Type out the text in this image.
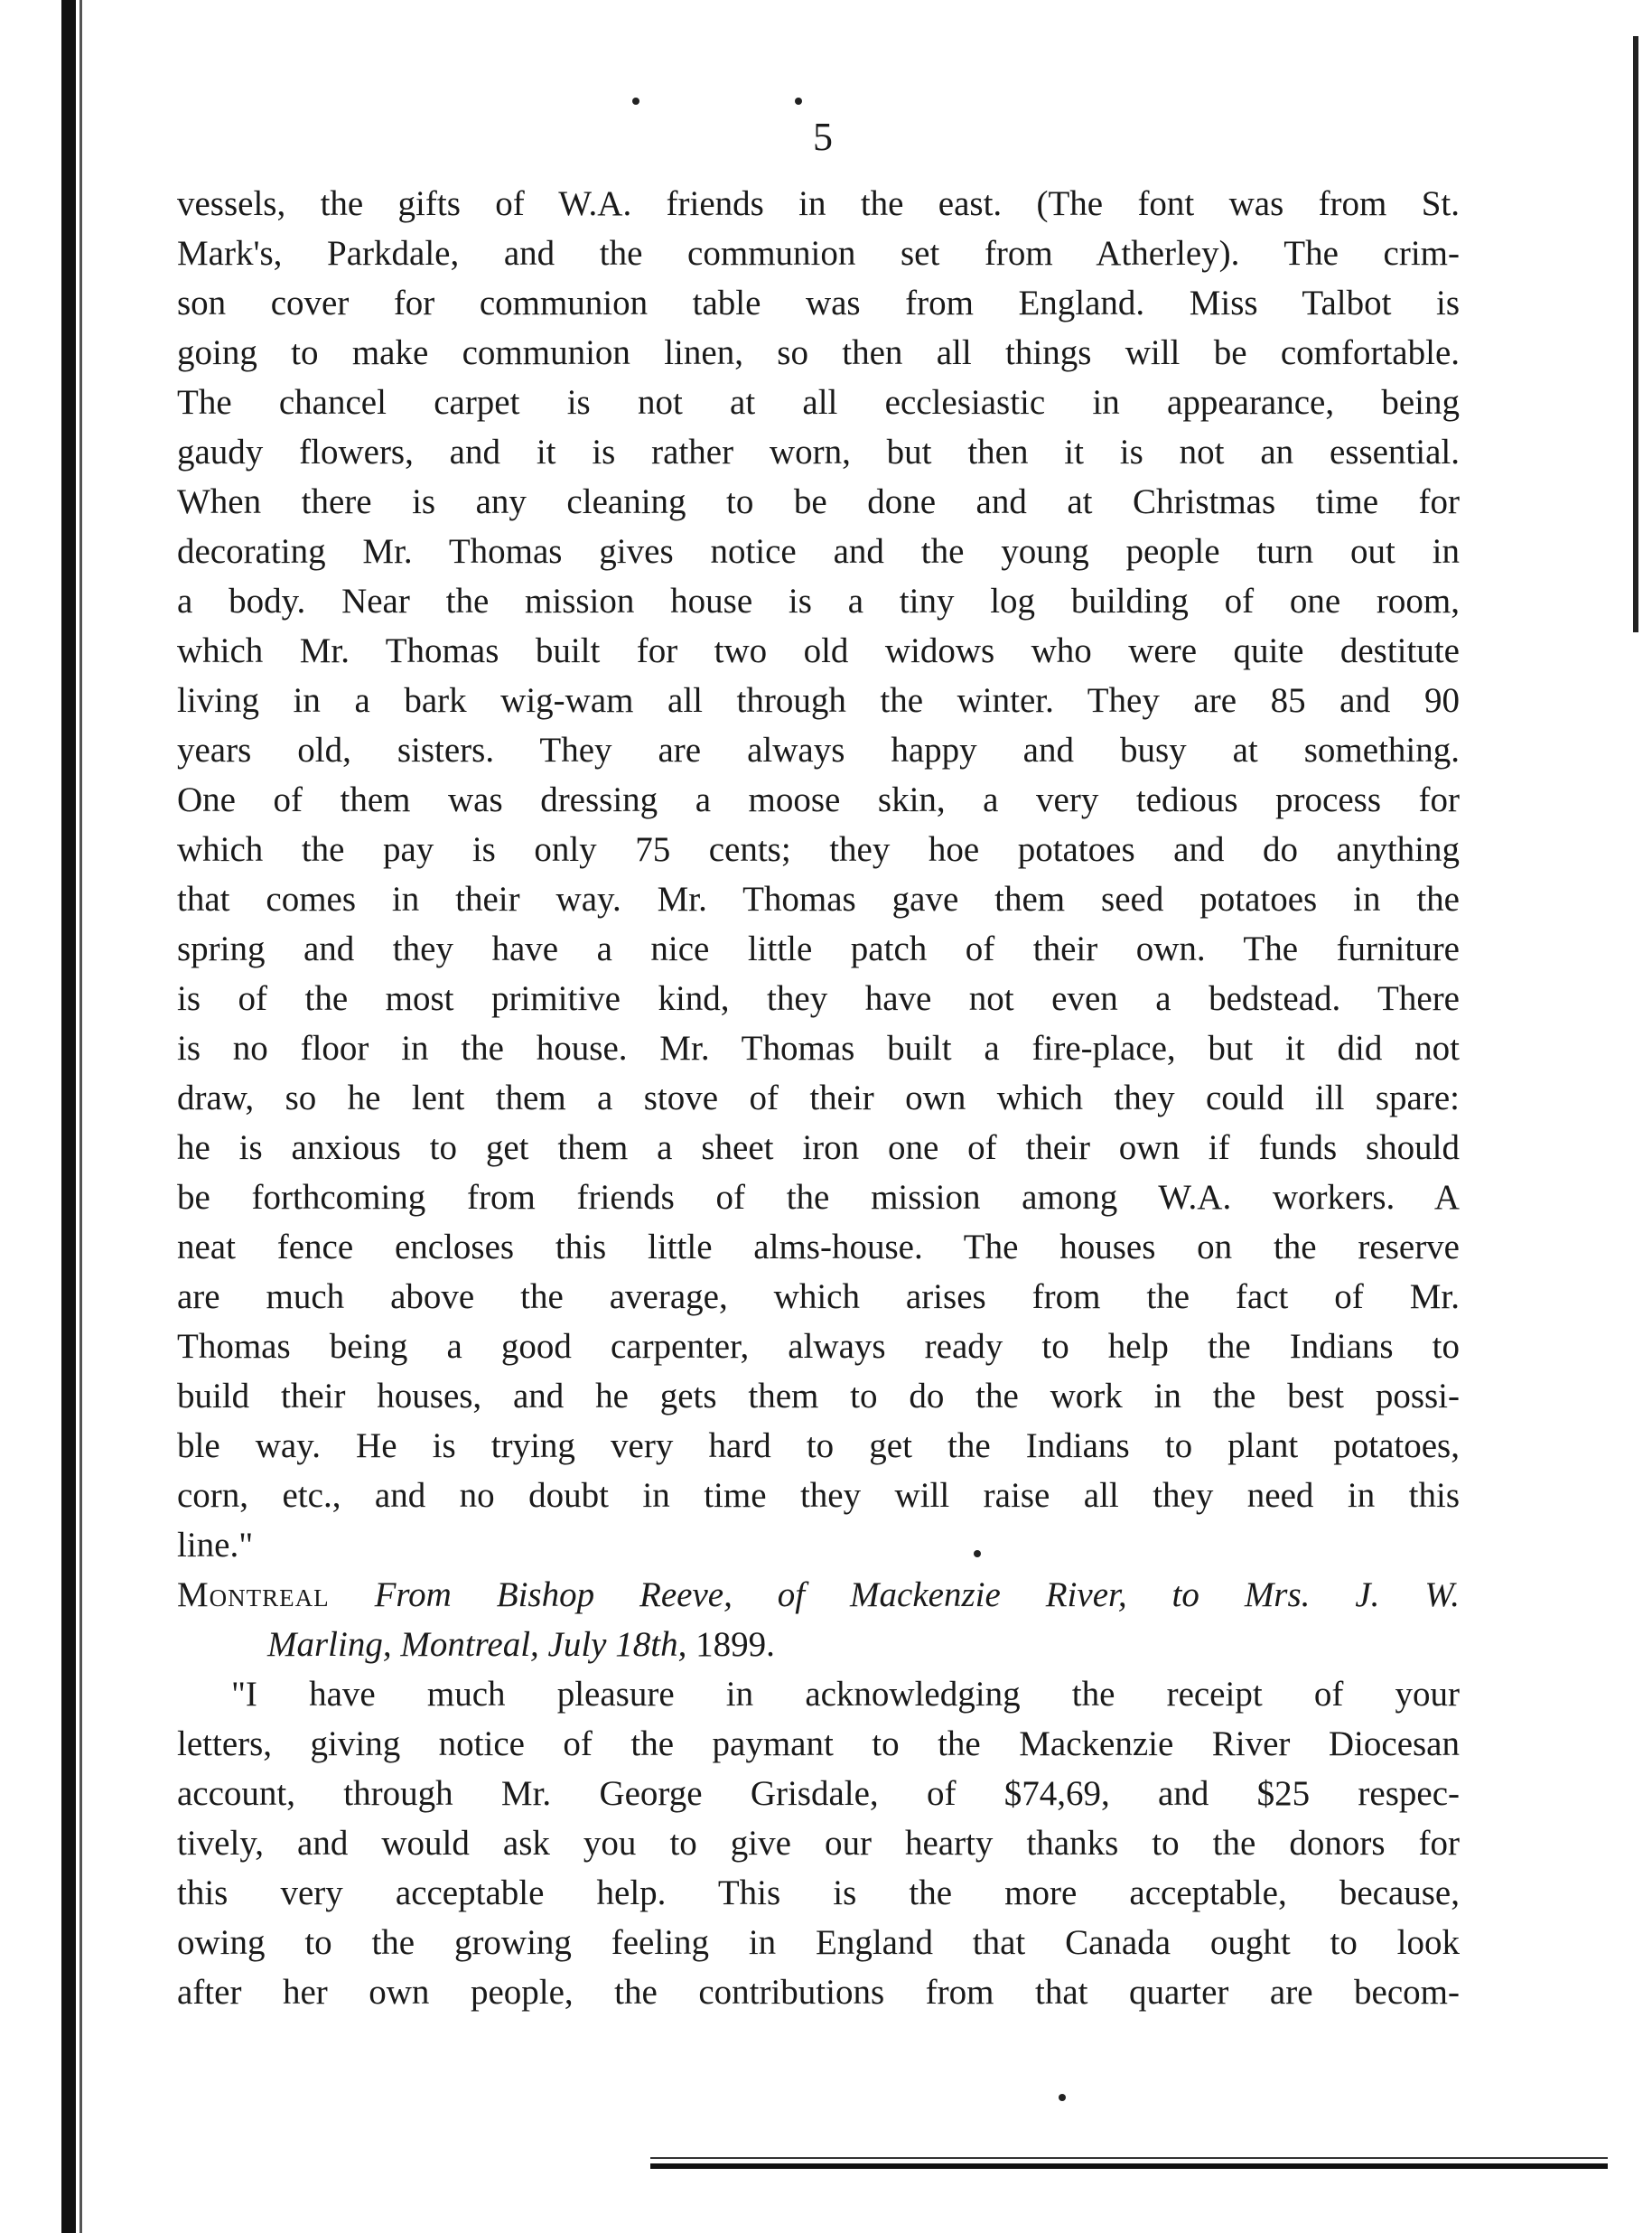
5
vessels, the gifts of W.A. friends in the east. (The font was from St.
Mark's, Parkdale, and the communion set from Atherley). The crim-
son cover for communion table was from England. Miss Talbot is
going to make communion linen, so then all things will be comfortable.
The chancel carpet is not at all ecclesiastic in appearance, being
gaudy flowers, and it is rather worn, but then it is not an essential.
When there is any cleaning to be done and at Christmas time for
decorating Mr. Thomas gives notice and the young people turn out in
a body. Near the mission house is a tiny log building of one room,
which Mr. Thomas built for two old widows who were quite destitute
living in a bark wig-wam all through the winter. They are 85 and 90
years old, sisters. They are always happy and busy at something.
One of them was dressing a moose skin, a very tedious process for
which the pay is only 75 cents; they hoe potatoes and do anything
that comes in their way. Mr. Thomas gave them seed potatoes in the
spring and they have a nice little patch of their own. The furniture
is of the most primitive kind, they have not even a bedstead. There
is no floor in the house. Mr. Thomas built a fire-place, but it did not
draw, so he lent them a stove of their own which they could ill spare:
he is anxious to get them a sheet iron one of their own if funds should
be forthcoming from friends of the mission among W.A. workers. A
neat fence encloses this little alms-house. The houses on the reserve
are much above the average, which arises from the fact of Mr.
Thomas being a good carpenter, always ready to help the Indians to
build their houses, and he gets them to do the work in the best possi-
ble way. He is trying very hard to get the Indians to plant potatoes,
corn, etc., and no doubt in time they will raise all they need in this
line."
Montreal From Bishop Reeve, of Mackenzie River, to Mrs. J. W.
Marling, Montreal, July 18th, 1899.
"I have much pleasure in acknowledging the receipt of your
letters, giving notice of the paymant to the Mackenzie River Diocesan
account, through Mr. George Grisdale, of $74,69, and $25 respec-
tively, and would ask you to give our hearty thanks to the donors for
this very acceptable help. This is the more acceptable, because,
owing to the growing feeling in England that Canada ought to look
after her own people, the contributions from that quarter are becom-
